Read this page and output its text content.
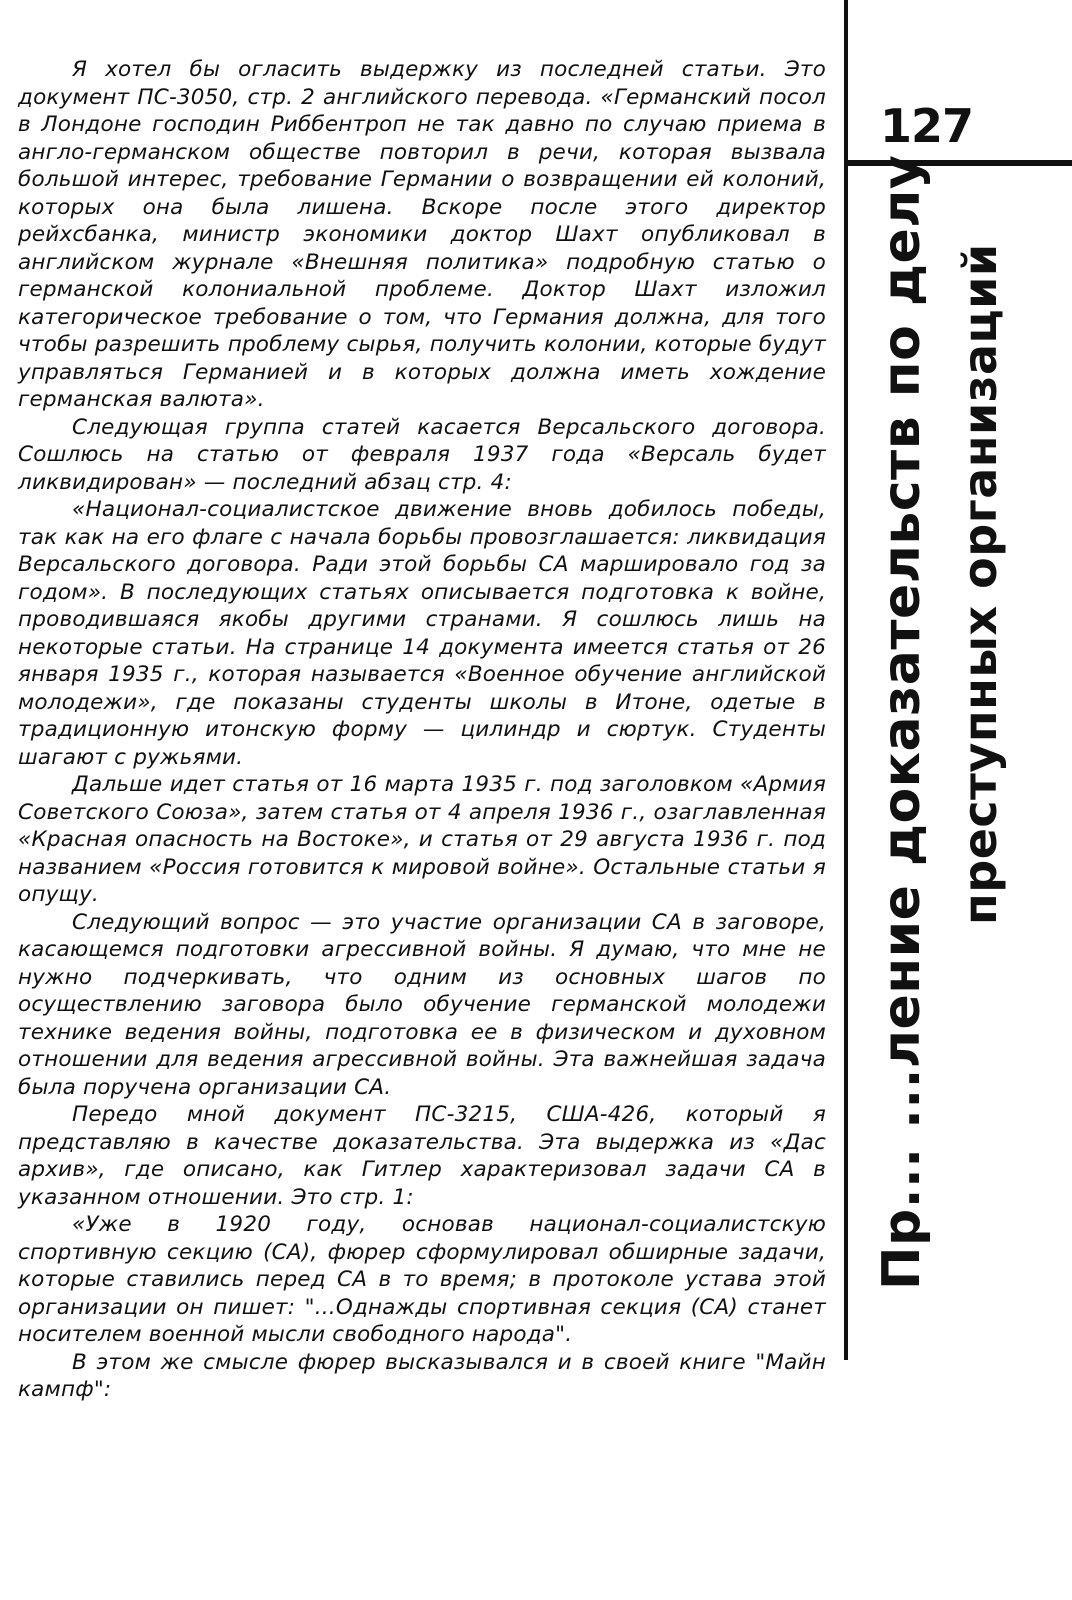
127
Пр... ...ление доказательств по делу преступных организаций

Я хотел бы огласить выдержку из последней статьи. Это документ ПС-3050, стр. 2 английского перевода. «Германский посол в Лондоне господин Риббентроп не так давно по случаю приема в англо-германском обществе повторил в речи, которая вызвала большой интерес, требование Германии о возвращении ей колоний, которых она была лишена. Вскоре после этого директор рейхсбанка, министр экономики доктор Шахт опубликовал в английском журнале «Внешняя политика» подробную статью о германской колониальной проблеме. Доктор Шахт изложил категорическое требование о том, что Германия должна, для того чтобы разрешить проблему сырья, получить колонии, которые будут управляться Германией и в которых должна иметь хождение германская валюта».

Следующая группа статей касается Версальского договора. Сошлюсь на статью от февраля 1937 года «Версаль будет ликвидирован» — последний абзац стр. 4:

«Национал-социалистское движение вновь добилось победы, так как на его флаге с начала борьбы провозглашается: ликвидация Версальского договора. Ради этой борьбы СА маршировало год за годом». В последующих статьях описывается подготовка к войне, проводившаяся якобы другими странами. Я сошлюсь лишь на некоторые статьи. На странице 14 документа имеется статья от 26 января 1935 г., которая называется «Военное обучение английской молодежи», где показаны студенты школы в Итоне, одетые в традиционную итонскую форму — цилиндр и сюртук. Студенты шагают с ружьями.

Дальше идет статья от 16 марта 1935 г. под заголовком «Армия Советского Союза», затем статья от 4 апреля 1936 г., озаглавленная «Красная опасность на Востоке», и статья от 29 августа 1936 г. под названием «Россия готовится к мировой войне». Остальные статьи я опущу.

Следующий вопрос — это участие организации СА в заговоре, касающемся подготовки агрессивной войны. Я думаю, что мне не нужно подчеркивать, что одним из основных шагов по осуществлению заговора было обучение германской молодежи технике ведения войны, подготовка ее в физическом и духовном отношении для ведения агрессивной войны. Эта важнейшая задача была поручена организации СА.

Передо мной документ ПС-3215, США-426, который я представляю в качестве доказательства. Эта выдержка из «Дас архив», где описано, как Гитлер характеризовал задачи СА в указанном отношении. Это стр. 1:

«Уже в 1920 году, основав национал-социалистскую спортивную секцию (СА), фюрер сформулировал обширные задачи, которые ставились перед СА в то время; в протоколе устава этой организации он пишет: "...Однажды спортивная секция (СА) станет носителем военной мысли свободного народа".

В этом же смысле фюрер высказывался и в своей книге "Майн кампф":
